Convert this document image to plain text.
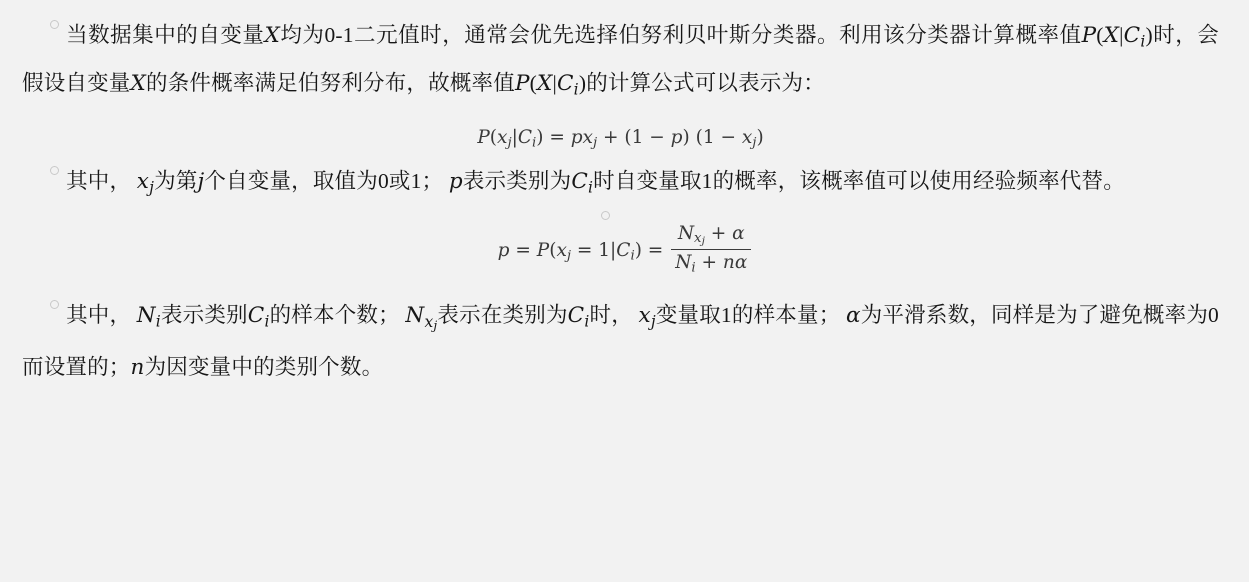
当数据集中的自变量X均为0-1二元值时，通常会优先选择伯努利贝叶斯分类器。利用该分类器计算概率值$P(X|C_i)$时，会假设自变量X的条件概率满足伯努利分布，故概率值$P(X|C_i)$的计算公式可以表示为：

$P(x_j|C_i) = px_j + (1 - p) (1 - x_j)$

其中， $x_j$为第j个自变量，取值为0或1； p表示类别为$C_i$时自变量取1的概率，该概率值可以使用经验频率代替。

$p = P(x_j = 1|C_i) = \frac{N_{xj} + \alpha}{N_i + n\alpha}$

其中， $N_i$表示类别$C_i$的样本个数； $N_{xj}$表示在类别为$C_i$时， $x_j$变量取1的样本量； α为平滑系数，同样是为了避免概率为0而设置的；n为因变量中的类别个数。
